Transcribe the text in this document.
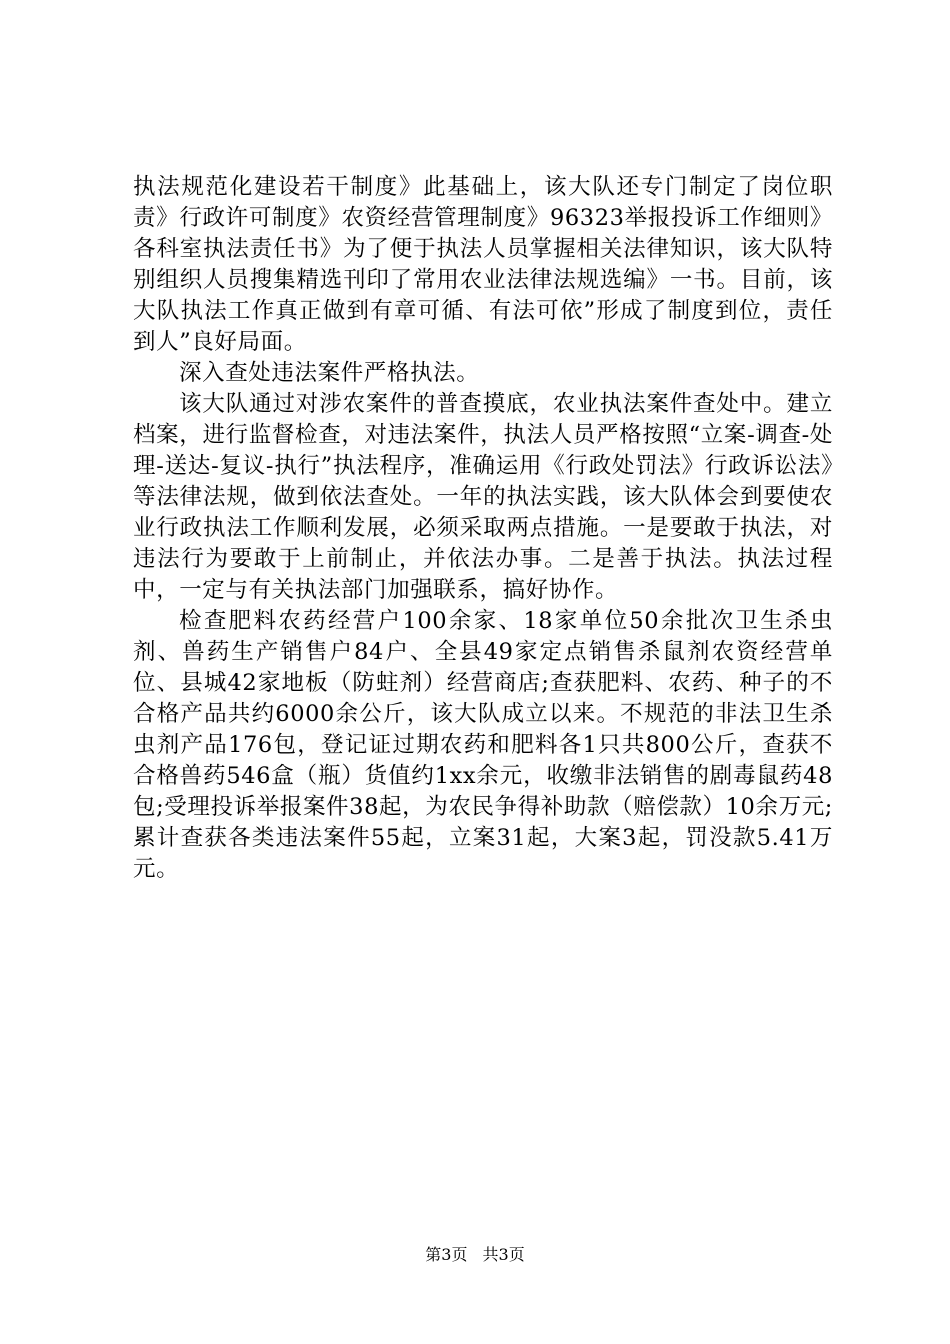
执法规范化建设若干制度》此基础上，该大队还专门制定了岗位职责》行政许可制度》农资经营管理制度》96323举报投诉工作细则》各科室执法责任书》为了便于执法人员掌握相关法律知识，该大队特别组织人员搜集精选刊印了常用农业法律法规选编》一书。目前，该大队执法工作真正做到有章可循、有法可依”形成了制度到位，责任到人”良好局面。

深入查处违法案件严格执法。

该大队通过对涉农案件的普查摸底，农业执法案件查处中。建立档案，进行监督检查，对违法案件，执法人员严格按照“立案-调查-处理-送达-复议-执行”执法程序，准确运用《行政处罚法》行政诉讼法》等法律法规，做到依法查处。一年的执法实践，该大队体会到要使农业行政执法工作顺利发展，必须采取两点措施。一是要敢于执法，对违法行为要敢于上前制止，并依法办事。二是善于执法。执法过程中，一定与有关执法部门加强联系，搞好协作。

检查肥料农药经营户100余家、18家单位50余批次卫生杀虫剂、兽药生产销售户84户、全县49家定点销售杀鼠剂农资经营单位、县城42家地板（防蛀剂）经营商店;查获肥料、农药、种子的不合格产品共约6000余公斤，该大队成立以来。不规范的非法卫生杀虫剂产品176包，登记证过期农药和肥料各1只共800公斤，查获不合格兽药546盒（瓶）货值约1xx余元，收缴非法销售的剧毒鼠药48包;受理投诉举报案件38起，为农民争得补助款（赔偿款）10余万元;累计查获各类违法案件55起，立案31起，大案3起，罚没款5.41万元。

第3页 共3页
